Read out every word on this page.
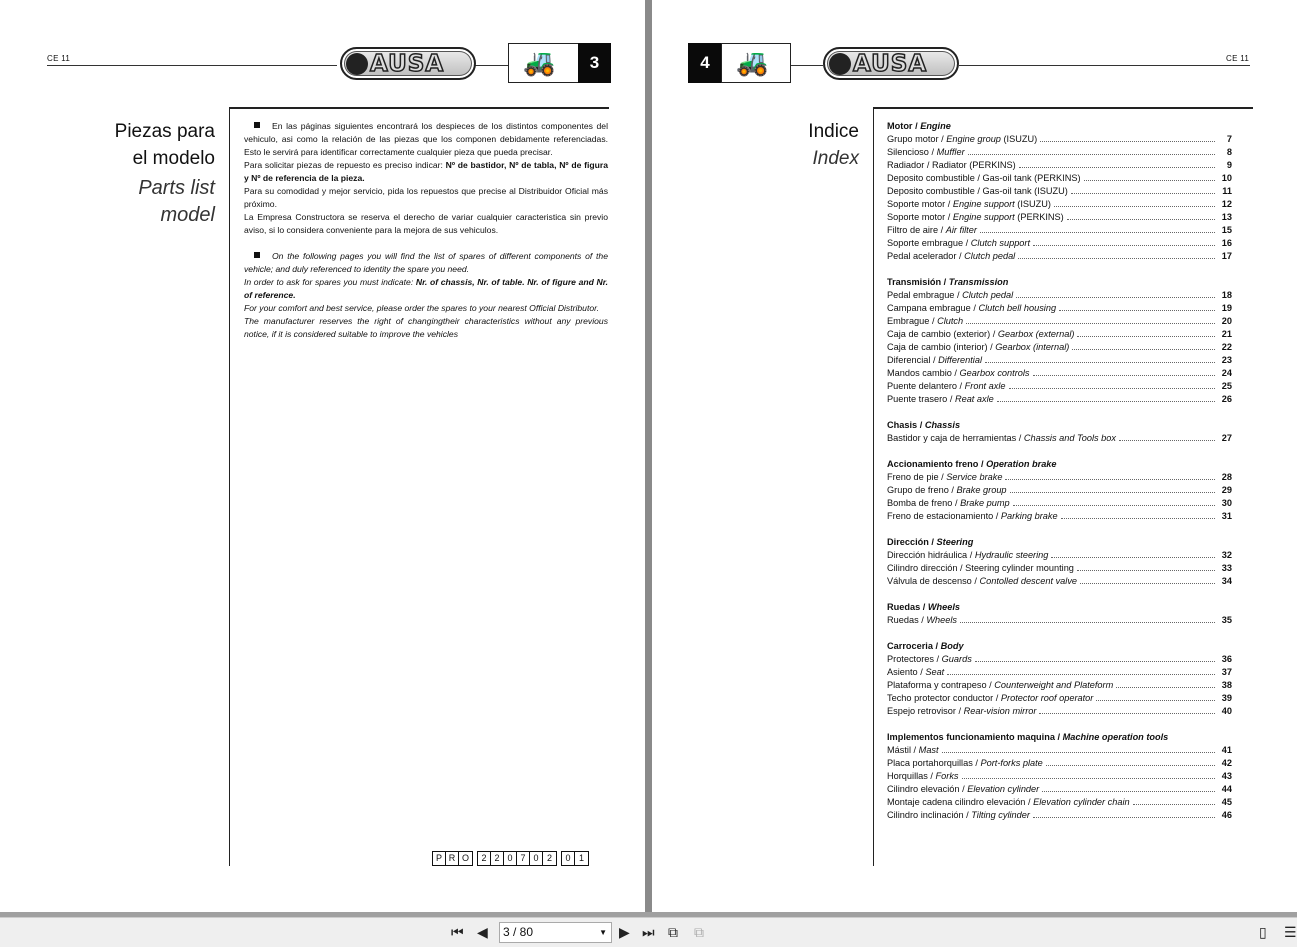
CE 11	AUSA	🚜	3
Piezas para
el modelo
Parts list
model

En las páginas siguientes encontrará los despieces de los distintos componentes del vehiculo, asi como la relación de las piezas que los componen debidamente referenciadas. Esto le servirá para identificar correctamente cualquier pieza que pueda precisar.

Para solicitar piezas de repuesto es preciso indicar: Nº de bastidor, Nº de tabla, Nº de figura y Nº de referencia de la pieza.

Para su comodidad y mejor servicio, pida los repuestos que precise al Distribuidor Oficial más próximo.

La Empresa Constructora se reserva el derecho de variar cualquier caracteristica sin previo aviso, si lo considera conveniente para la mejora de sus vehiculos.

On the following pages you will find the list of spares of different components of the vehicle; and duly referenced to identity the spare you need.

In order to ask for spares you must indicate: Nr. of chassis, Nr. of table. Nr. of figure and Nr. of reference.

For your comfort and best service, please order the spares to your nearest Official Distributor.

The manufacturer reserves the right of changingtheir characteristics without any previous notice, if it is considered suitable to improve the vehicles

P R O	2 2 0 7 0 2	0 1
4	🚜	AUSA	CE 11
Indice
Index
Motor / Engine
Grupo motor / Engine group (ISUZU)	7
Silencioso / Muffler	8
Radiador / Radiator (PERKINS)	9
Deposito combustible / Gas-oil tank (PERKINS)	10
Deposito combustible / Gas-oil tank (ISUZU)	11
Soporte motor / Engine support (ISUZU)	12
Soporte motor / Engine support (PERKINS)	13
Filtro de aire / Air filter	15
Soporte embrague / Clutch support	16
Pedal acelerador / Clutch pedal	17
Transmisión / Transmission
Pedal embrague / Clutch pedal	18
Campana embrague / Clutch bell housing	19
Embrague / Clutch	20
Caja de cambio (exterior) / Gearbox (external)	21
Caja de cambio (interior) / Gearbox (internal)	22
Diferencial / Differential	23
Mandos cambio / Gearbox controls	24
Puente delantero / Front axle	25
Puente trasero / Reat axle	26
Chasis / Chassis
Bastidor y caja de herramientas / Chassis and Tools box	27
Accionamiento freno / Operation brake
Freno de pie / Service brake	28
Grupo de freno / Brake group	29
Bomba de freno / Brake pump	30
Freno de estacionamiento / Parking brake	31
Dirección / Steering
Dirección hidráulica / Hydraulic steering	32
Cilindro dirección / Steering cylinder mounting	33
Válvula de descenso / Contolled descent valve	34
Ruedas / Wheels
Ruedas / Wheels	35
Carroceria / Body
Protectores / Guards	36
Asiento / Seat	37
Plataforma y contrapeso / Counterweight and Plateform	38
Techo protector conductor / Protector roof operator	39
Espejo retrovisor / Rear-vision mirror	40
Implementos funcionamiento maquina / Machine operation tools
Mástil / Mast	41
Placa portahorquillas / Port-forks plate	42
Horquillas / Forks	43
Cilindro elevación / Elevation cylinder	44
Montaje cadena cilindro elevación / Elevation cylinder chain	45
Cilindro inclinación / Tilting cylinder	46
⏮ ◀	3 / 80	▼ ▶ ⏭ ⧉ ⧉	▯ ☰
